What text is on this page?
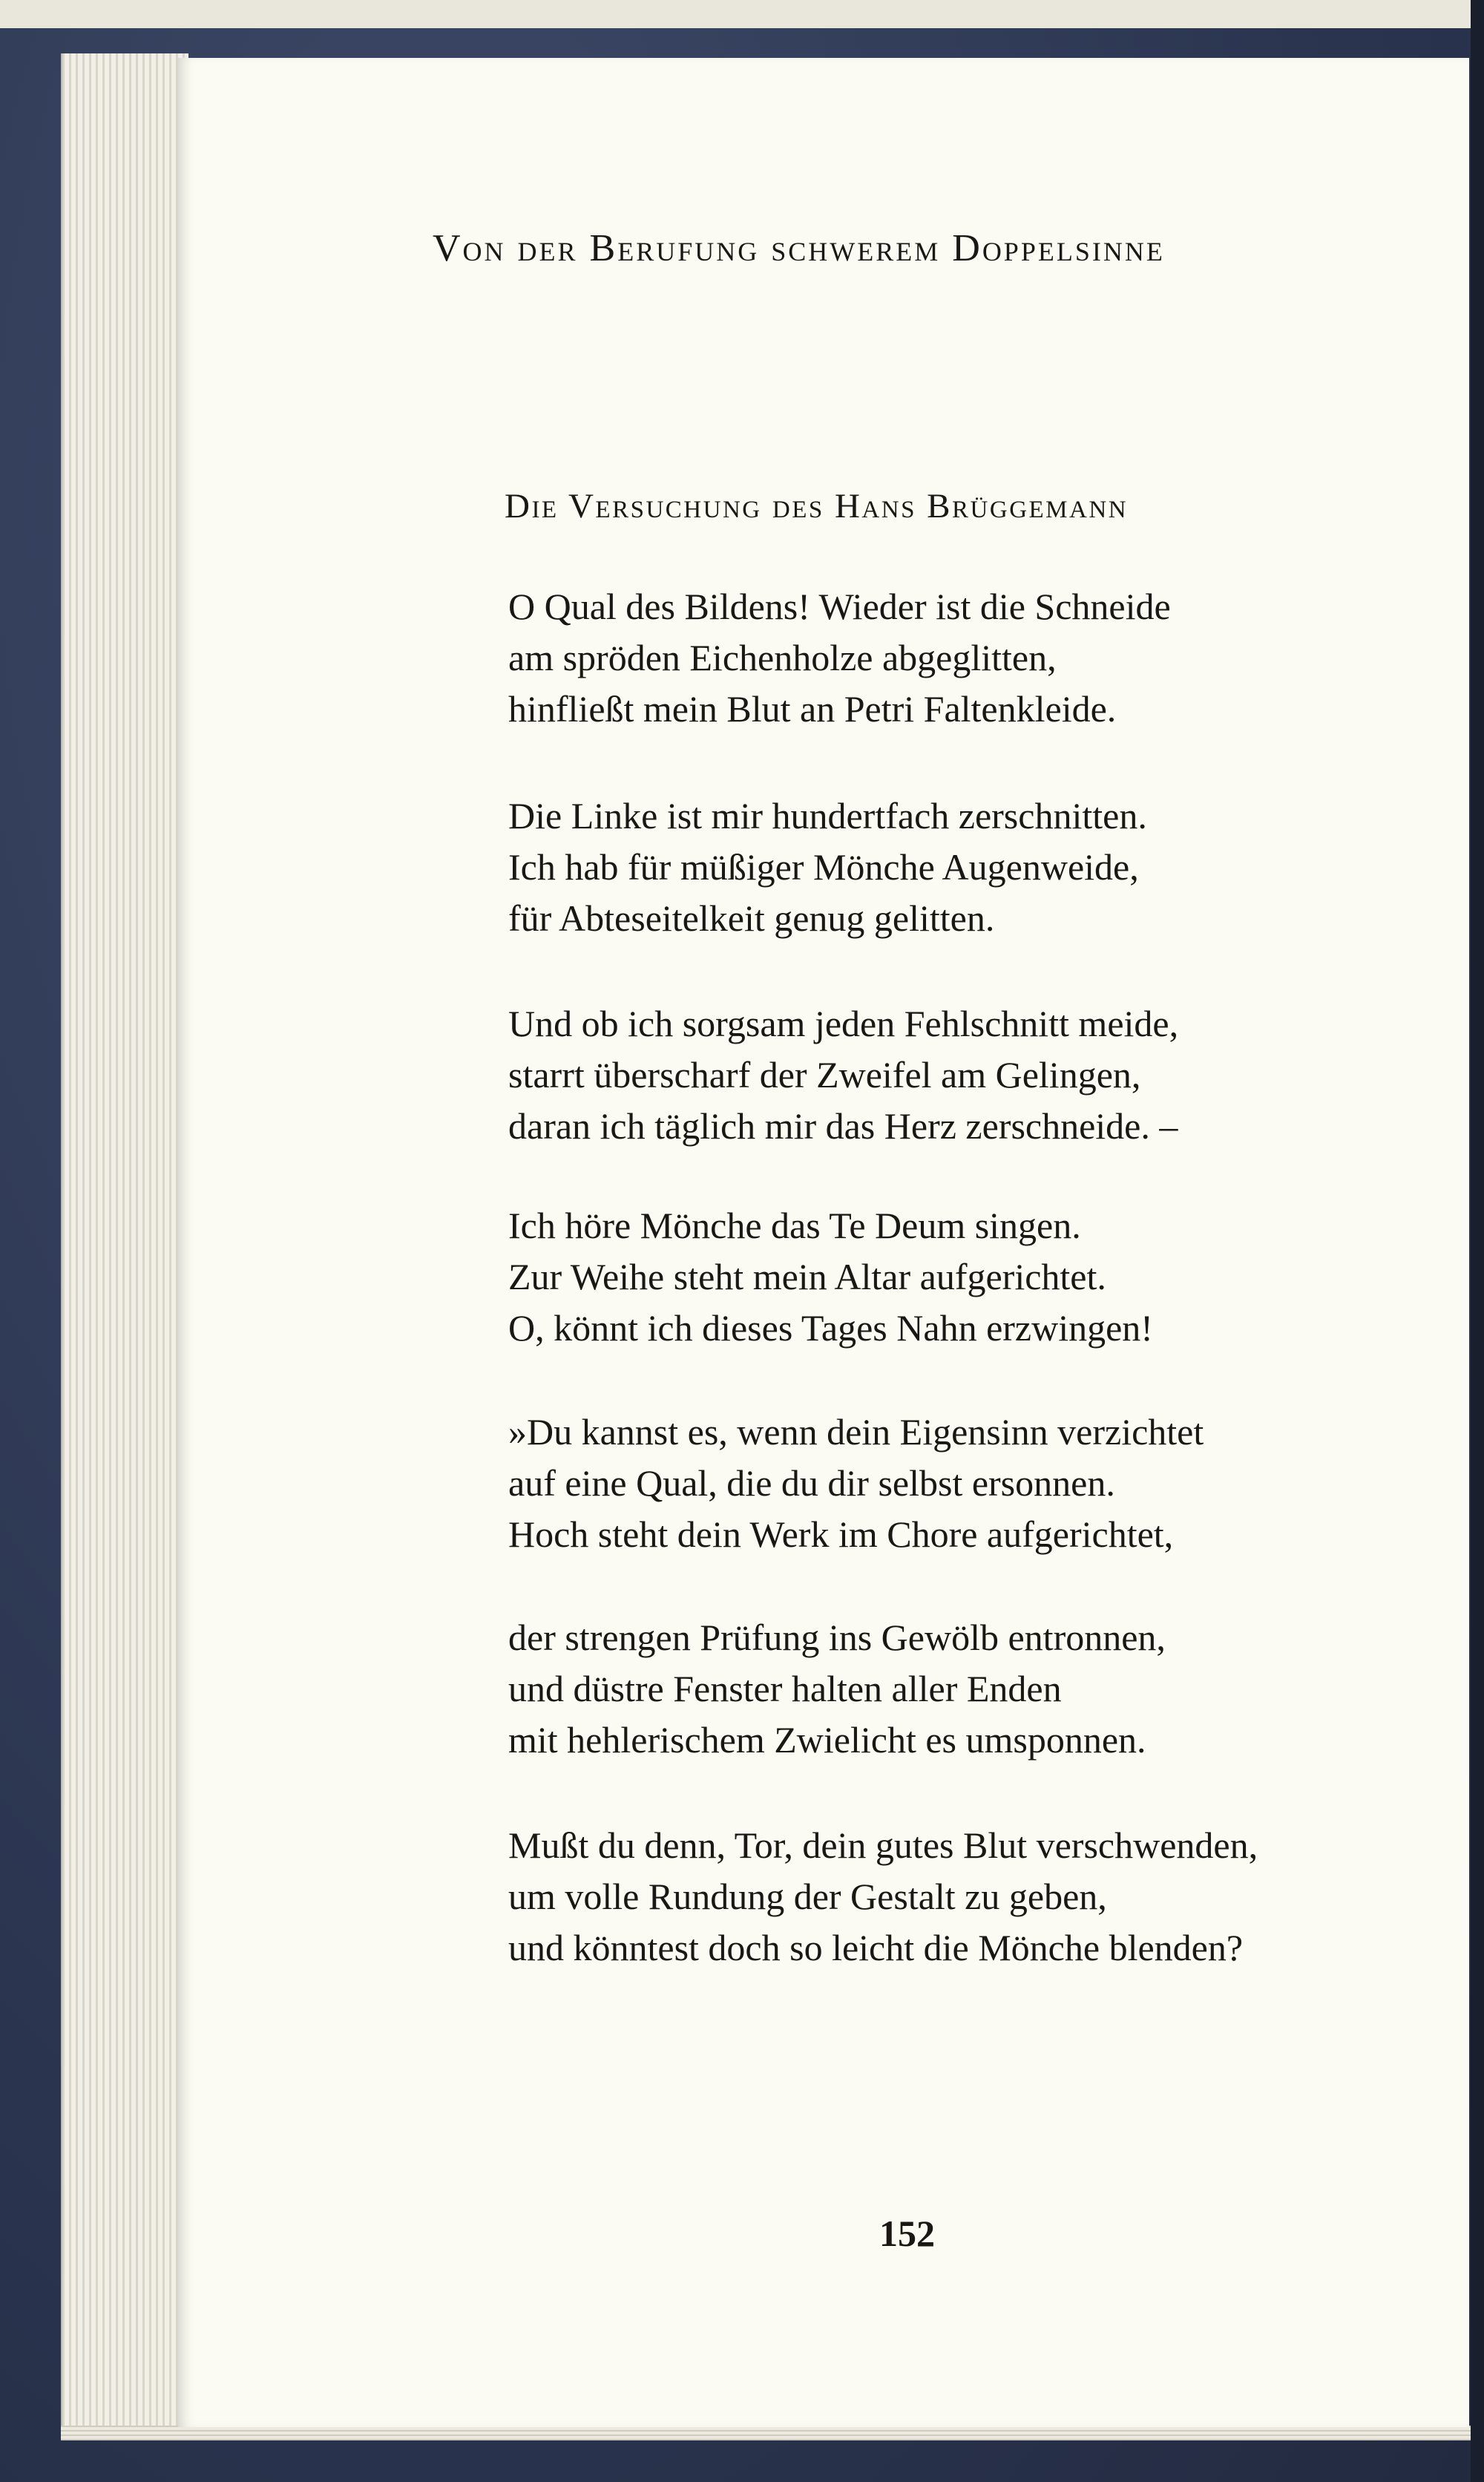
Von der Berufung schwerem Doppelsinne
Die Versuchung des Hans Brüggemann
O Qual des Bildens! Wieder ist die Schneide
am spröden Eichenholze abgeglitten,
hinfließt mein Blut an Petri Faltenkleide.
Die Linke ist mir hundertfach zerschnitten.
Ich hab für müßiger Mönche Augenweide,
für Abteseitelkeit genug gelitten.
Und ob ich sorgsam jeden Fehlschnitt meide,
starrt überscharf der Zweifel am Gelingen,
daran ich täglich mir das Herz zerschneide. –
Ich höre Mönche das Te Deum singen.
Zur Weihe steht mein Altar aufgerichtet.
O, könnt ich dieses Tages Nahn erzwingen!
»Du kannst es, wenn dein Eigensinn verzichtet
auf eine Qual, die du dir selbst ersonnen.
Hoch steht dein Werk im Chore aufgerichtet,
der strengen Prüfung ins Gewölb entronnen,
und düstre Fenster halten aller Enden
mit hehlerischem Zwielicht es umsponnen.
Mußt du denn, Tor, dein gutes Blut verschwenden,
um volle Rundung der Gestalt zu geben,
und könntest doch so leicht die Mönche blenden?
152
